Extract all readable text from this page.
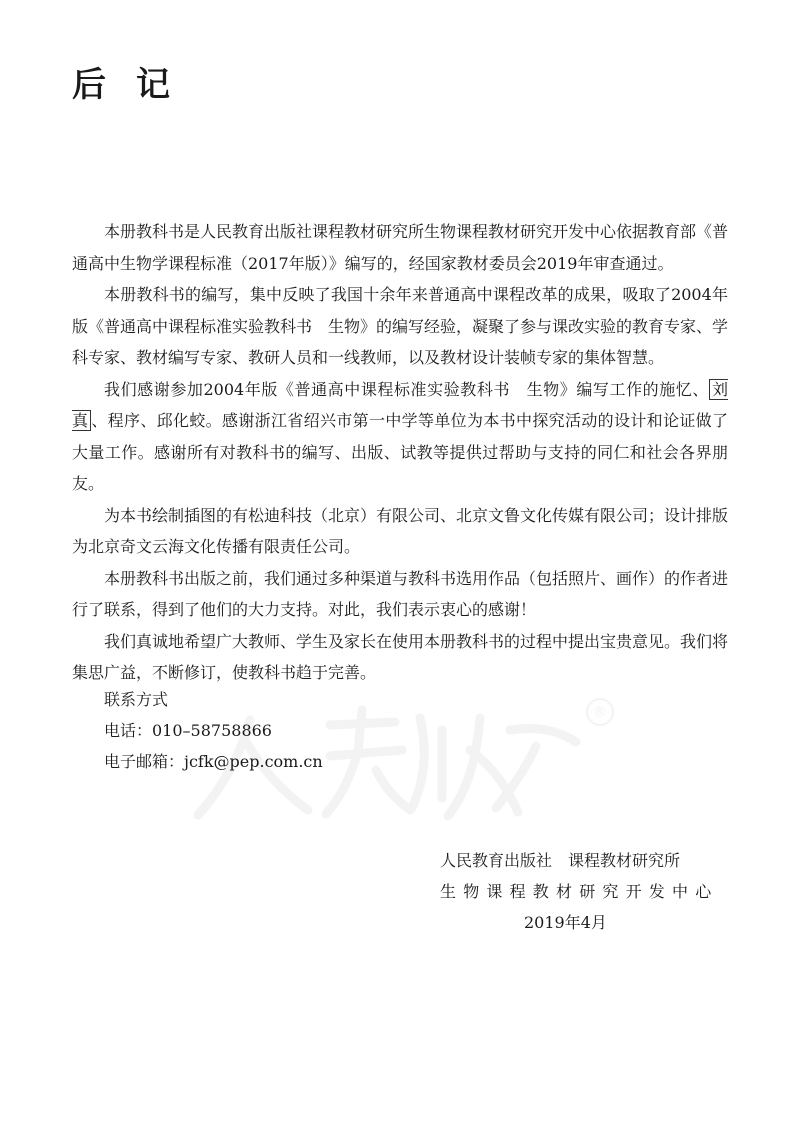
后 记

本册教科书是人民教育出版社课程教材研究所生物课程教材研究开发中心依据教育部《普通高中生物学课程标准（2017年版）》编写的，经国家教材委员会2019年审查通过。

本册教科书的编写，集中反映了我国十余年来普通高中课程改革的成果，吸取了2004年版《普通高中课程标准实验教科书　生物》的编写经验，凝聚了参与课改实验的教育专家、学科专家、教材编写专家、教研人员和一线教师，以及教材设计装帧专家的集体智慧。

我们感谢参加2004年版《普通高中课程标准实验教科书　生物》编写工作的施忆、 刘真 、程序、邱化蛟。感谢浙江省绍兴市第一中学等单位为本书中探究活动的设计和论证做了大量工作。感谢所有对教科书的编写、出版、试教等提供过帮助与支持的同仁和社会各界朋友。

为本书绘制插图的有松迪科技（北京）有限公司、北京文鲁文化传媒有限公司；设计排版为北京奇文云海文化传播有限责任公司。

本册教科书出版之前，我们通过多种渠道与教科书选用作品（包括照片、画作）的作者进行了联系，得到了他们的大力支持。对此，我们表示衷心的感谢！

我们真诚地希望广大教师、学生及家长在使用本册教科书的过程中提出宝贵意见。我们将集思广益，不断修订，使教科书趋于完善。

®
联系方式
电话：010–58758866
电子邮箱：jcfk@pep.com.cn
人民教育出版社　课程教材研究所
生物课程教材研究开发中心
2019年4月
